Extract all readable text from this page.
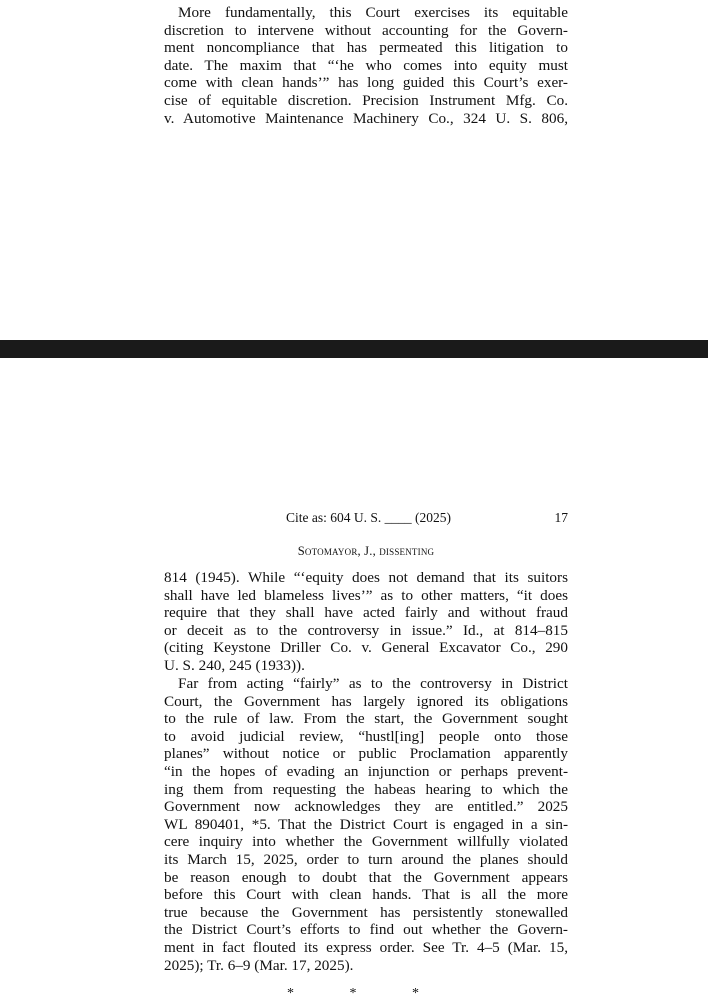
More fundamentally, this Court exercises its equitable
discretion to intervene without accounting for the Govern-
ment noncompliance that has permeated this litigation to
date. The maxim that “‘he who comes into equity must
come with clean hands’” has long guided this Court’s exer-
cise of equitable discretion. Precision Instrument Mfg. Co.
v. Automotive Maintenance Machinery Co., 324 U. S. 806,
Cite as: 604 U. S. ____ (2025)	17
Sotomayor, J., dissenting
814 (1945). While “‘equity does not demand that its suitors
shall have led blameless lives’” as to other matters, “it does
require that they shall have acted fairly and without fraud
or deceit as to the controversy in issue.” Id., at 814–815
(citing Keystone Driller Co. v. General Excavator Co., 290
U. S. 240, 245 (1933)).
Far from acting “fairly” as to the controversy in District
Court, the Government has largely ignored its obligations
to the rule of law. From the start, the Government sought
to avoid judicial review, “hustl[ing] people onto those
planes” without notice or public Proclamation apparently
“in the hopes of evading an injunction or perhaps prevent-
ing them from requesting the habeas hearing to which the
Government now acknowledges they are entitled.” 2025
WL 890401, *5. That the District Court is engaged in a sin-
cere inquiry into whether the Government willfully violated
its March 15, 2025, order to turn around the planes should
be reason enough to doubt that the Government appears
before this Court with clean hands. That is all the more
true because the Government has persistently stonewalled
the District Court’s efforts to find out whether the Govern-
ment in fact flouted its express order. See Tr. 4–5 (Mar. 15,
2025); Tr. 6–9 (Mar. 17, 2025).
* * *
